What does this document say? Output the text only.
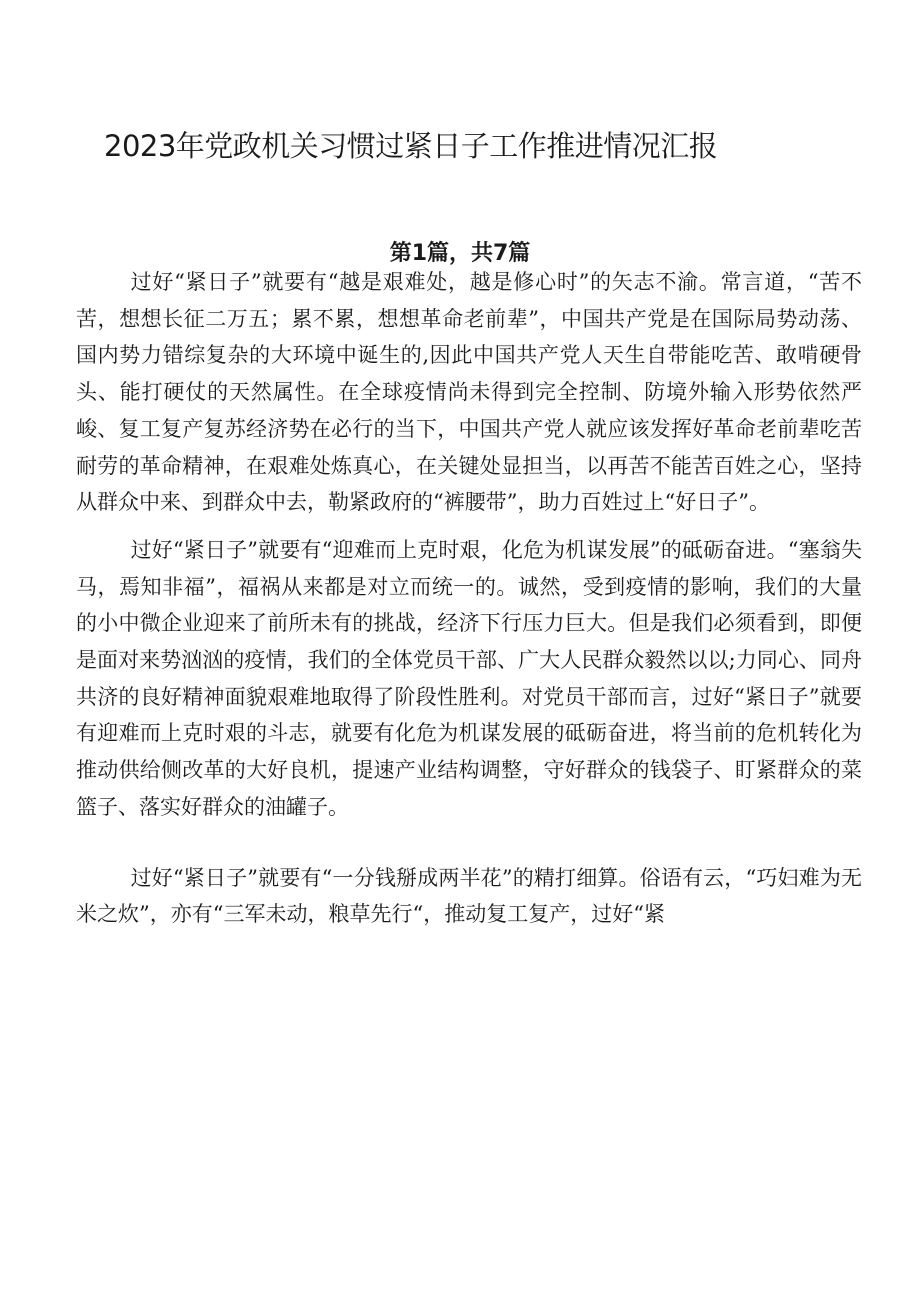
2023年党政机关习惯过紧日子工作推进情况汇报
第1篇，共7篇

过好“紧日子”就要有“越是艰难处，越是修心时”的矢志不渝。常言道，“苦不苦，想想长征二万五；累不累，想想革命老前辈”，中国共产党是在国际局势动荡、国内势力错综复杂的大环境中诞生的,因此中国共产党人天生自带能吃苦、敢啃硬骨头、能打硬仗的天然属性。在全球疫情尚未得到完全控制、防境外输入形势依然严峻、复工复产复苏经济势在必行的当下，中国共产党人就应该发挥好革命老前辈吃苦耐劳的革命精神，在艰难处炼真心，在关键处显担当，以再苦不能苦百姓之心，坚持从群众中来、到群众中去，勒紧政府的“裤腰带”，助力百姓过上“好日子”。

过好“紧日子”就要有“迎难而上克时艰，化危为机谋发展”的砥砺奋进。“塞翁失马，焉知非福”，福祸从来都是对立而统一的。诚然，受到疫情的影响，我们的大量的小中微企业迎来了前所未有的挑战，经济下行压力巨大。但是我们必须看到，即便是面对来势汹汹的疫情，我们的全体党员干部、广大人民群众毅然以以;力同心、同舟共济的良好精神面貌艰难地取得了阶段性胜利。对党员干部而言，过好“紧日子”就要有迎难而上克时艰的斗志，就要有化危为机谋发展的砥砺奋进，将当前的危机转化为推动供给侧改革的大好良机，提速产业结构调整，守好群众的钱袋子、盯紧群众的菜篮子、落实好群众的油罐子。

过好“紧日子”就要有“一分钱掰成两半花”的精打细算。俗语有云，“巧妇难为无米之炊”，亦有“三军未动，粮草先行“，推动复工复产，过好“紧
